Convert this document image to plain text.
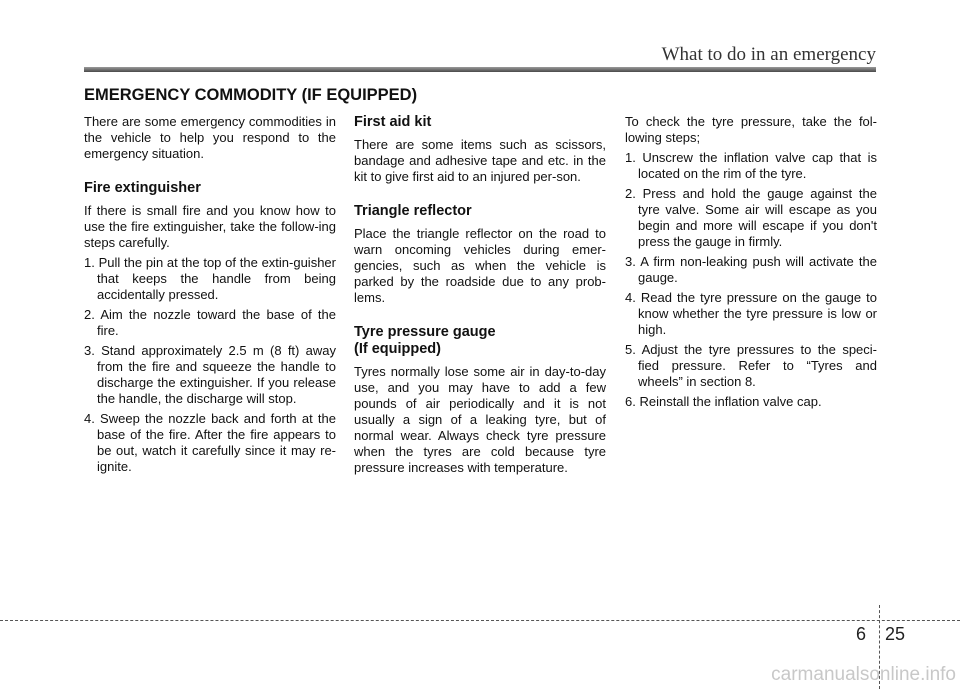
What to do in an emergency
EMERGENCY COMMODITY (IF EQUIPPED)

There are some emergency commodities in the vehicle to help you respond to the emergency situation.

Fire extinguisher

If there is small fire and you know how to use the fire extinguisher, take the follow-ing steps carefully.

1. Pull the pin at the top of the extin-guisher that keeps the handle from being accidentally pressed.
2. Aim the nozzle toward the base of the fire.
3. Stand approximately 2.5 m (8 ft) away from the fire and squeeze the handle to discharge the extinguisher. If you release the handle, the discharge will stop.
4. Sweep the nozzle back and forth at the base of the fire. After the fire appears to be out, watch it carefully since it may re-ignite.
First aid kit

There are some items such as scissors, bandage and adhesive tape and etc. in the kit to give first aid to an injured per-son.

Triangle reflector

Place the triangle reflector on the road to warn oncoming vehicles during emer-gencies, such as when the vehicle is parked by the roadside due to any prob-lems.

Tyre pressure gauge
(If equipped)

Tyres normally lose some air in day-to-day use, and you may have to add a few pounds of air periodically and it is not usually a sign of a leaking tyre, but of normal wear. Always check tyre pressure when the tyres are cold because tyre pressure increases with temperature.

To check the tyre pressure, take the fol-lowing steps;

1. Unscrew the inflation valve cap that is located on the rim of the tyre.
2. Press and hold the gauge against the tyre valve. Some air will escape as you begin and more will escape if you don't press the gauge in firmly.
3. A firm non-leaking push will activate the gauge.
4. Read the tyre pressure on the gauge to know whether the tyre pressure is low or high.
5. Adjust the tyre pressures to the speci-fied pressure. Refer to “Tyres and wheels” in section 8.
6. Reinstall the inflation valve cap.
6 25
carmanualsonline.info
